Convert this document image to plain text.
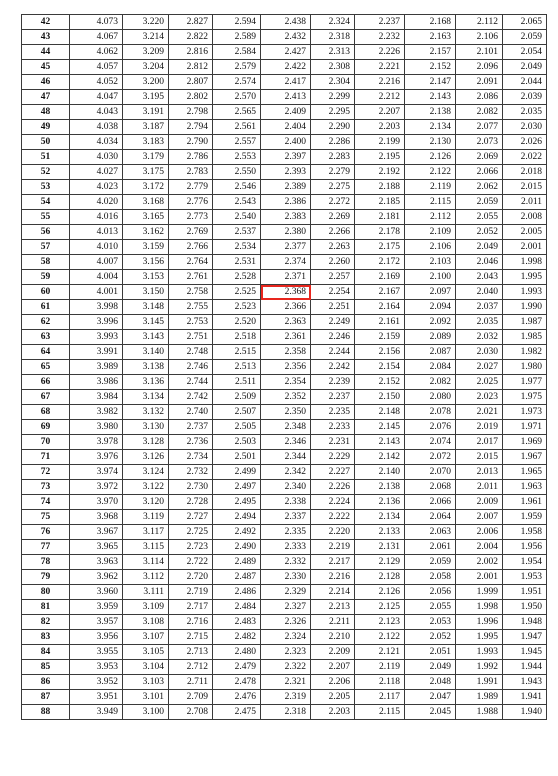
42	4.073	3.220	2.827	2.594	2.438	2.324	2.237	2.168	2.112	2.065
43	4.067	3.214	2.822	2.589	2.432	2.318	2.232	2.163	2.106	2.059
44	4.062	3.209	2.816	2.584	2.427	2.313	2.226	2.157	2.101	2.054
45	4.057	3.204	2.812	2.579	2.422	2.308	2.221	2.152	2.096	2.049
46	4.052	3.200	2.807	2.574	2.417	2.304	2.216	2.147	2.091	2.044
47	4.047	3.195	2.802	2.570	2.413	2.299	2.212	2.143	2.086	2.039
48	4.043	3.191	2.798	2.565	2.409	2.295	2.207	2.138	2.082	2.035
49	4.038	3.187	2.794	2.561	2.404	2.290	2.203	2.134	2.077	2.030
50	4.034	3.183	2.790	2.557	2.400	2.286	2.199	2.130	2.073	2.026
51	4.030	3.179	2.786	2.553	2.397	2.283	2.195	2.126	2.069	2.022
52	4.027	3.175	2.783	2.550	2.393	2.279	2.192	2.122	2.066	2.018
53	4.023	3.172	2.779	2.546	2.389	2.275	2.188	2.119	2.062	2.015
54	4.020	3.168	2.776	2.543	2.386	2.272	2.185	2.115	2.059	2.011
55	4.016	3.165	2.773	2.540	2.383	2.269	2.181	2.112	2.055	2.008
56	4.013	3.162	2.769	2.537	2.380	2.266	2.178	2.109	2.052	2.005
57	4.010	3.159	2.766	2.534	2.377	2.263	2.175	2.106	2.049	2.001
58	4.007	3.156	2.764	2.531	2.374	2.260	2.172	2.103	2.046	1.998
59	4.004	3.153	2.761	2.528	2.371	2.257	2.169	2.100	2.043	1.995
60	4.001	3.150	2.758	2.525	2.368	2.254	2.167	2.097	2.040	1.993
61	3.998	3.148	2.755	2.523	2.366	2.251	2.164	2.094	2.037	1.990
62	3.996	3.145	2.753	2.520	2.363	2.249	2.161	2.092	2.035	1.987
63	3.993	3.143	2.751	2.518	2.361	2.246	2.159	2.089	2.032	1.985
64	3.991	3.140	2.748	2.515	2.358	2.244	2.156	2.087	2.030	1.982
65	3.989	3.138	2.746	2.513	2.356	2.242	2.154	2.084	2.027	1.980
66	3.986	3.136	2.744	2.511	2.354	2.239	2.152	2.082	2.025	1.977
67	3.984	3.134	2.742	2.509	2.352	2.237	2.150	2.080	2.023	1.975
68	3.982	3.132	2.740	2.507	2.350	2.235	2.148	2.078	2.021	1.973
69	3.980	3.130	2.737	2.505	2.348	2.233	2.145	2.076	2.019	1.971
70	3.978	3.128	2.736	2.503	2.346	2.231	2.143	2.074	2.017	1.969
71	3.976	3.126	2.734	2.501	2.344	2.229	2.142	2.072	2.015	1.967
72	3.974	3.124	2.732	2.499	2.342	2.227	2.140	2.070	2.013	1.965
73	3.972	3.122	2.730	2.497	2.340	2.226	2.138	2.068	2.011	1.963
74	3.970	3.120	2.728	2.495	2.338	2.224	2.136	2.066	2.009	1.961
75	3.968	3.119	2.727	2.494	2.337	2.222	2.134	2.064	2.007	1.959
76	3.967	3.117	2.725	2.492	2.335	2.220	2.133	2.063	2.006	1.958
77	3.965	3.115	2.723	2.490	2.333	2.219	2.131	2.061	2.004	1.956
78	3.963	3.114	2.722	2.489	2.332	2.217	2.129	2.059	2.002	1.954
79	3.962	3.112	2.720	2.487	2.330	2.216	2.128	2.058	2.001	1.953
80	3.960	3.111	2.719	2.486	2.329	2.214	2.126	2.056	1.999	1.951
81	3.959	3.109	2.717	2.484	2.327	2.213	2.125	2.055	1.998	1.950
82	3.957	3.108	2.716	2.483	2.326	2.211	2.123	2.053	1.996	1.948
83	3.956	3.107	2.715	2.482	2.324	2.210	2.122	2.052	1.995	1.947
84	3.955	3.105	2.713	2.480	2.323	2.209	2.121	2.051	1.993	1.945
85	3.953	3.104	2.712	2.479	2.322	2.207	2.119	2.049	1.992	1.944
86	3.952	3.103	2.711	2.478	2.321	2.206	2.118	2.048	1.991	1.943
87	3.951	3.101	2.709	2.476	2.319	2.205	2.117	2.047	1.989	1.941
88	3.949	3.100	2.708	2.475	2.318	2.203	2.115	2.045	1.988	1.940
